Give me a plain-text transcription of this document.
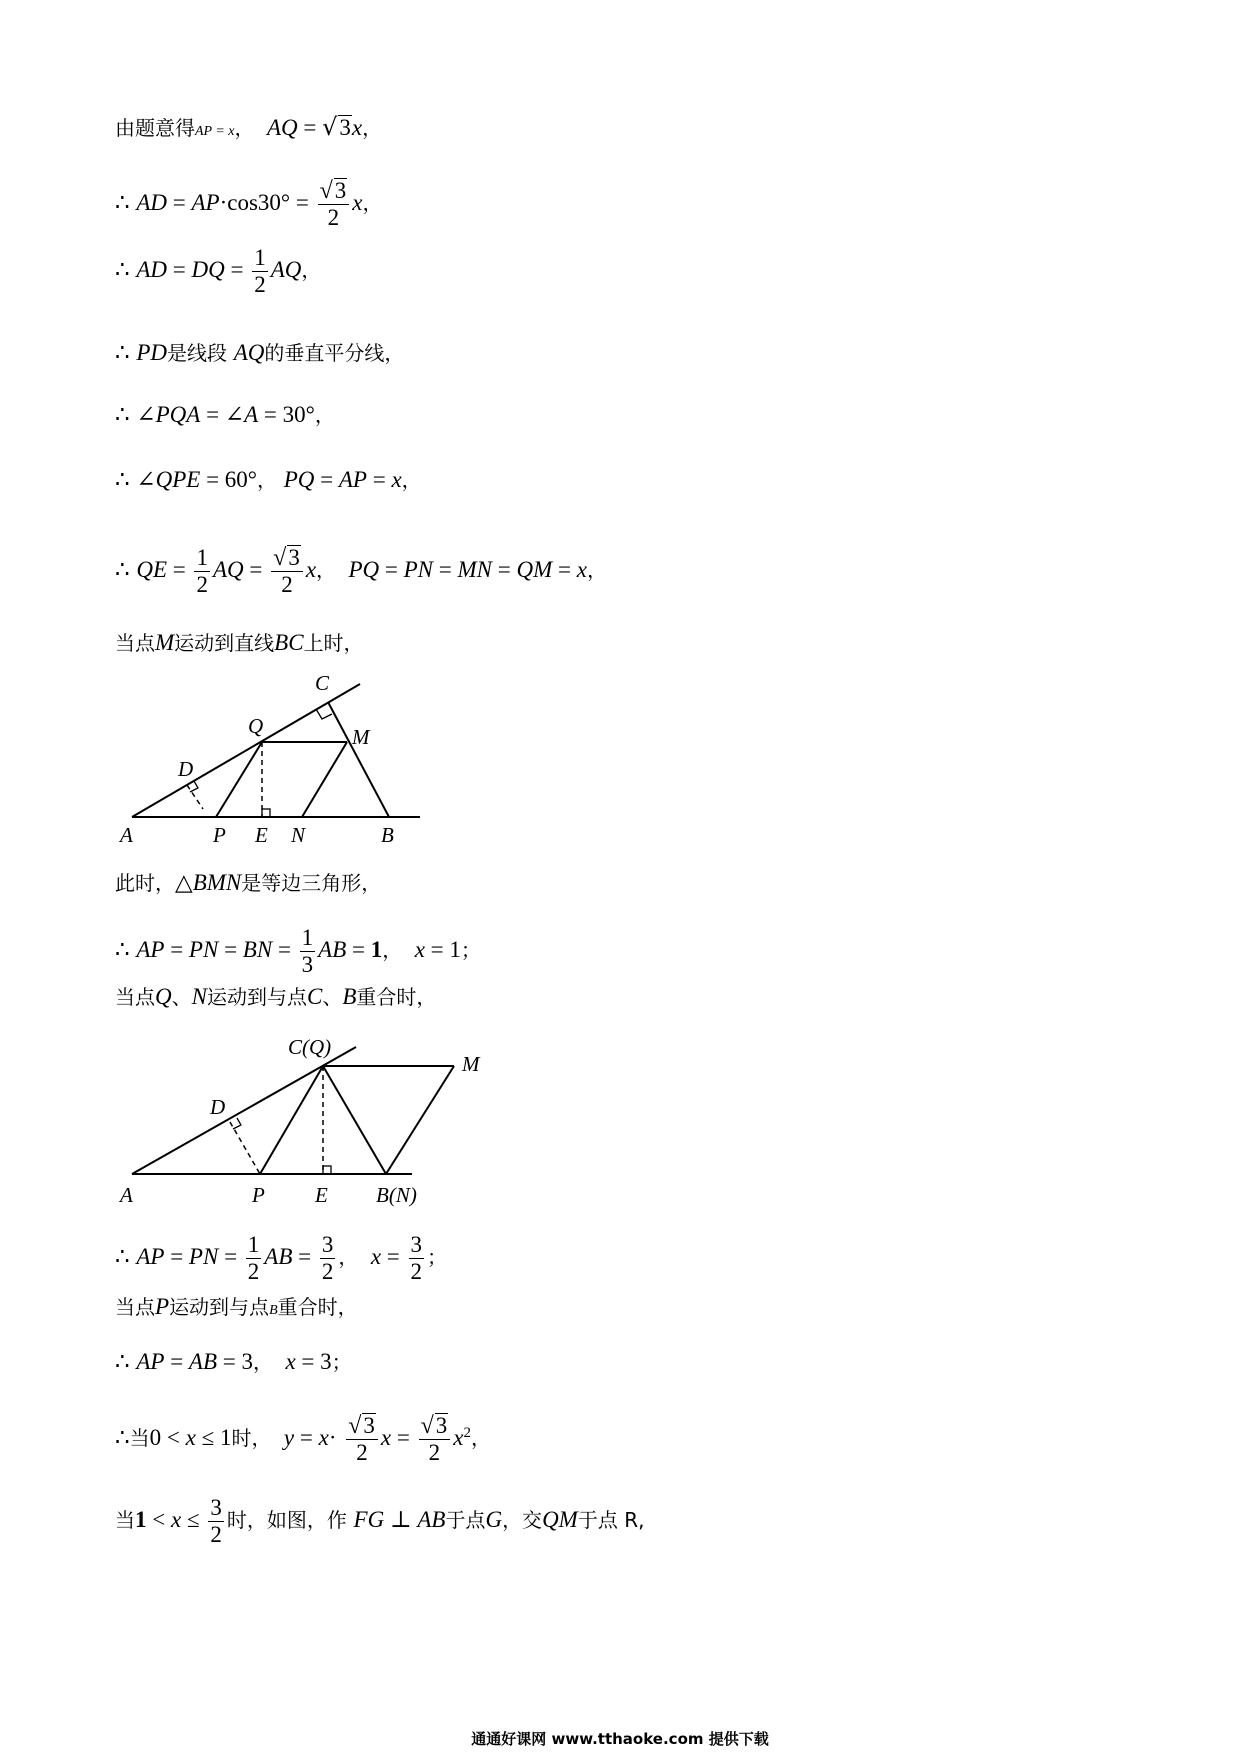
由题意得AP = x，  AQ = √3x，
∴ AD = $AP\cdot\cos 30^\circ = \frac{√3}{2}$ x，
∴ AD = DQ = $\frac{1}{2}$ AQ，
∴ PD是线段 AQ的垂直平分线，
∴ ∠PQA = ∠A = 30°，
∴ ∠QPE = 60°， PQ = AP = x，
∴ QE = $\frac{1}{2}$ AQ = $\frac{√3}{2}$ x，  PQ = PN = MN = QM = x，
当点M运动到直线BC上时，
A	P E N	B
C
Q	M
D
此时，△BMN是等边三角形，
∴ AP = PN = BN = $\frac{1}{3}$ AB = 1，  x = 1；
当点Q、N运动到与点C、B重合时，
A	P E B(N)
C(Q)
M
D
∴ AP = PN = $\frac{1}{2}$ AB = $\frac{3}{2}$ ，  $x = \frac{3}{2}$ ；
当点P运动到与点B重合时，
∴ AP = AB = 3，  x = 3；
∴当0 < x ≤ 1时，  $y = x\cdot \frac{√3}{2}$ $x = \frac{√3}{2} x^2$，
当$1 < x \le \frac{3}{2}$ 时，如图，作 FG ⊥ AB于点G，交QM于点 R,
通通好课网 www.tthaoke.com 提供下载
